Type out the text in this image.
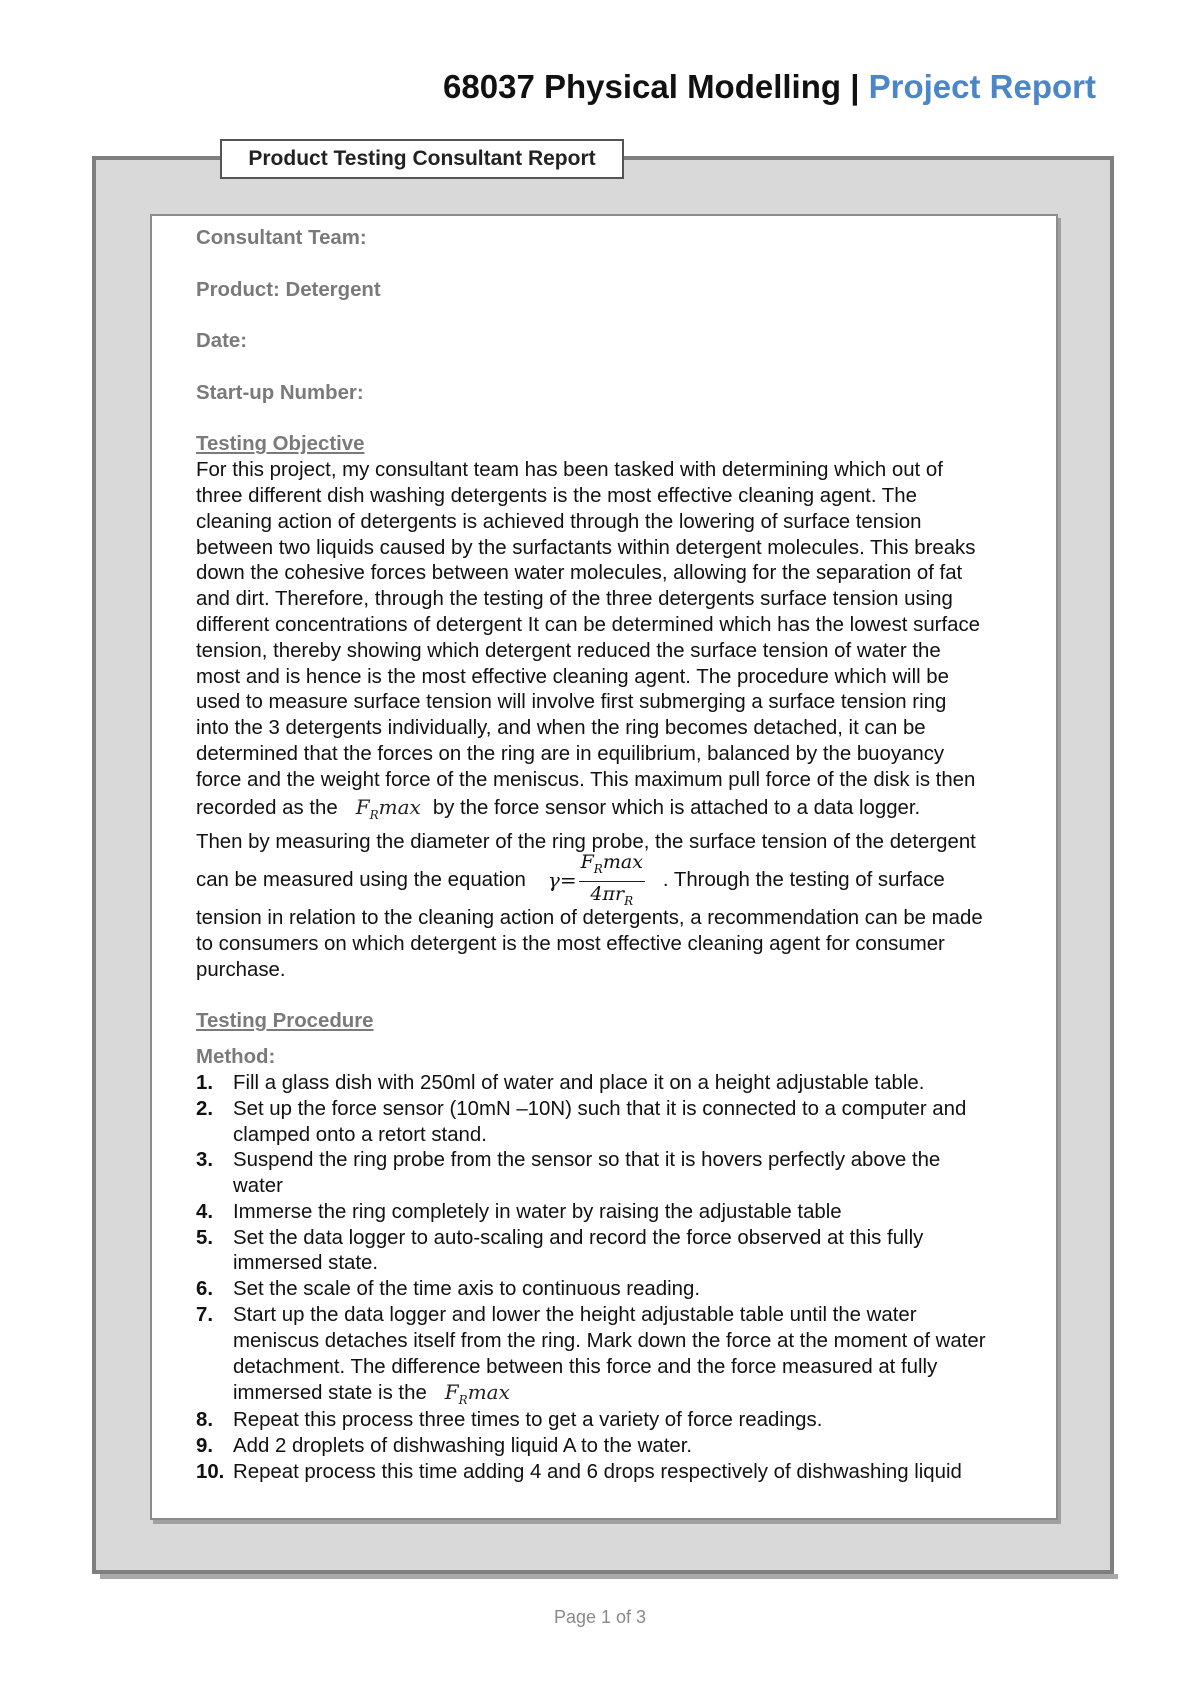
68037 Physical Modelling | Project Report
Product Testing Consultant Report
Consultant Team:
Product: Detergent
Date:
Start-up Number:
Testing Objective
For this project, my consultant team has been tasked with determining which out of
three different dish washing detergents is the most effective cleaning agent. The
cleaning action of detergents is achieved through the lowering of surface tension
between two liquids caused by the surfactants within detergent molecules. This breaks
down the cohesive forces between water molecules, allowing for the separation of fat
and dirt. Therefore, through the testing of the three detergents surface tension using
different concentrations of detergent It can be determined which has the lowest surface
tension, thereby showing which detergent reduced the surface tension of water the
most and is hence is the most effective cleaning agent. The procedure which will be
used to measure surface tension will involve first submerging a surface tension ring
into the 3 detergents individually, and when the ring becomes detached, it can be
determined that the forces on the ring are in equilibrium, balanced by the buoyancy
force and the weight force of the meniscus. This maximum pull force of the disk is then
recorded as the $F_R\max$ by the force sensor which is attached to a data logger.
Then by measuring the diameter of the ring probe, the surface tension of the detergent
can be measured using the equation $\gamma= \frac{F_R\max}{4\pi r_R}$ . Through the testing of surface
tension in relation to the cleaning action of detergents, a recommendation can be made
to consumers on which detergent is the most effective cleaning agent for consumer
purchase.
Testing Procedure
Method:
1. Fill a glass dish with 250ml of water and place it on a height adjustable table.
2. Set up the force sensor (10mN –10N) such that it is connected to a computer and
clamped onto a retort stand.
3. Suspend the ring probe from the sensor so that it is hovers perfectly above the
water
4. Immerse the ring completely in water by raising the adjustable table
5. Set the data logger to auto-scaling and record the force observed at this fully
immersed state.
6. Set the scale of the time axis to continuous reading.
7. Start up the data logger and lower the height adjustable table until the water
meniscus detaches itself from the ring. Mark down the force at the moment of water
detachment. The difference between this force and the force measured at fully
immersed state is the $F_R\max$
8. Repeat this process three times to get a variety of force readings.
9. Add 2 droplets of dishwashing liquid A to the water.
10. Repeat process this time adding 4 and 6 drops respectively of dishwashing liquid
Page 1 of 3
